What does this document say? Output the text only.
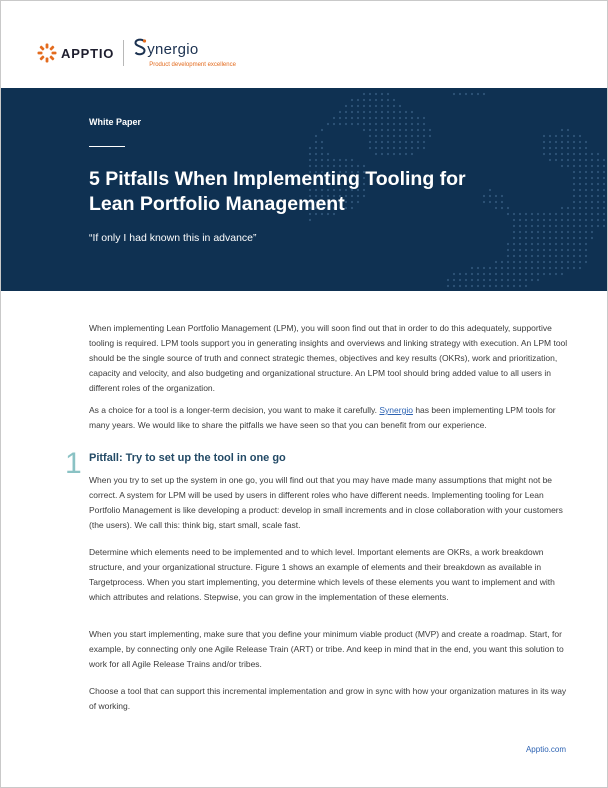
APPTIO ynergio
Product development excellence
White Paper
5 Pitfalls When Implementing Tooling for Lean Portfolio Management
“If only I had known this in advance”

When implementing Lean Portfolio Management (LPM), you will soon find out that in order to do this adequately, supportive tooling is required. LPM tools support you in generating insights and overviews and linking strategy with execution. An LPM tool should be the single source of truth and connect strategic themes, objectives and key results (OKRs), work and prioritization, capacity and velocity, and also budgeting and organizational structure. An LPM tool should bring added value to all users in different roles of the organization.

As a choice for a tool is a longer-term decision, you want to make it carefully. Synergio has been implementing LPM tools for many years. We would like to share the pitfalls we have seen so that you can benefit from our experience.

1 Pitfall: Try to set up the tool in one go

When you try to set up the system in one go, you will find out that you may have made many assumptions that might not be correct. A system for LPM will be used by users in different roles who have different needs. Implementing tooling for Lean Portfolio Management is like developing a product: develop in small increments and in close collaboration with your customers (the users). We call this: think big, start small, scale fast.

Determine which elements need to be implemented and to which level. Important elements are OKRs, a work breakdown structure, and your organizational structure. Figure 1 shows an example of elements and their breakdown as available in Targetprocess. When you start implementing, you determine which levels of these elements you want to implement and with which attributes and relations. Stepwise, you can grow in the implementation of these elements.

When you start implementing, make sure that you define your minimum viable product (MVP) and create a roadmap. Start, for example, by connecting only one Agile Release Train (ART) or tribe. And keep in mind that in the end, you want this solution to work for all Agile Release Trains and/or tribes.

Choose a tool that can support this incremental implementation and grow in sync with how your organization matures in its way of working.

Apptio.com
